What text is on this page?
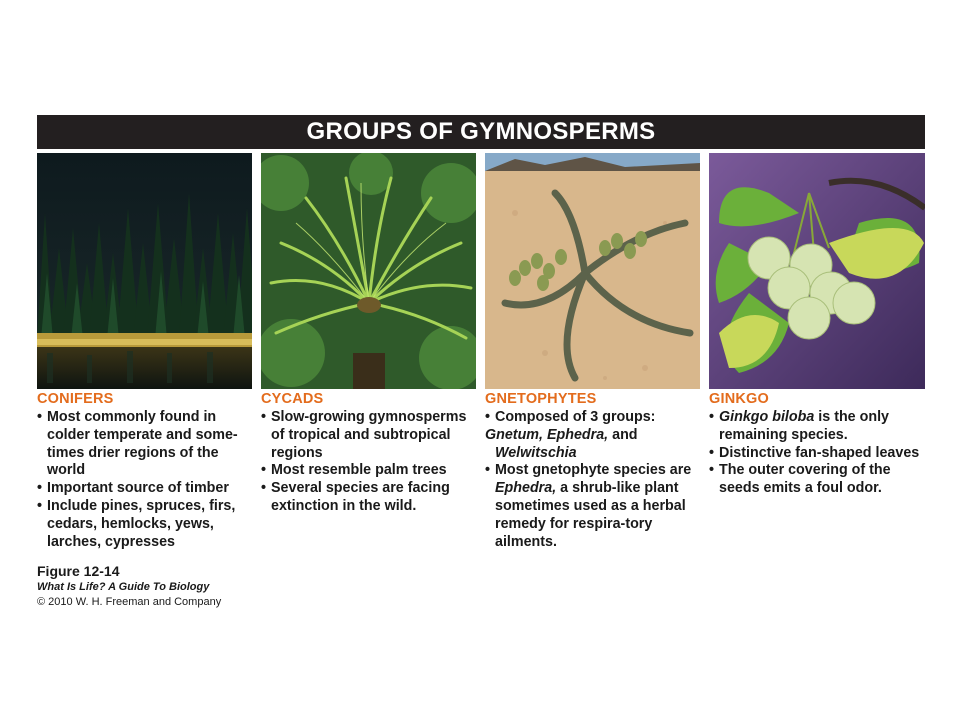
GROUPS OF GYMNOSPERMS
CONIFERS
• Most commonly found in colder temperate and some-times drier regions of the world
• Important source of timber
• Include pines, spruces, firs, cedars, hemlocks, yews, larches, cypresses
CYCADS
• Slow-growing gymnosperms of tropical and subtropical regions
• Most resemble palm trees
• Several species are facing extinction in the wild.
GNETOPHYTES
• Composed of 3 groups:
Gnetum, Ephedra, and Welwitschia
• Most gnetophyte species are Ephedra, a shrub-like plant sometimes used as a herbal remedy for respira-tory ailments.
GINKGO
• Ginkgo biloba is the only remaining species.
• Distinctive fan-shaped leaves
• The outer covering of the seeds emits a foul odor.
Figure 12-14
What Is Life? A Guide To Biology
© 2010 W. H. Freeman and Company
